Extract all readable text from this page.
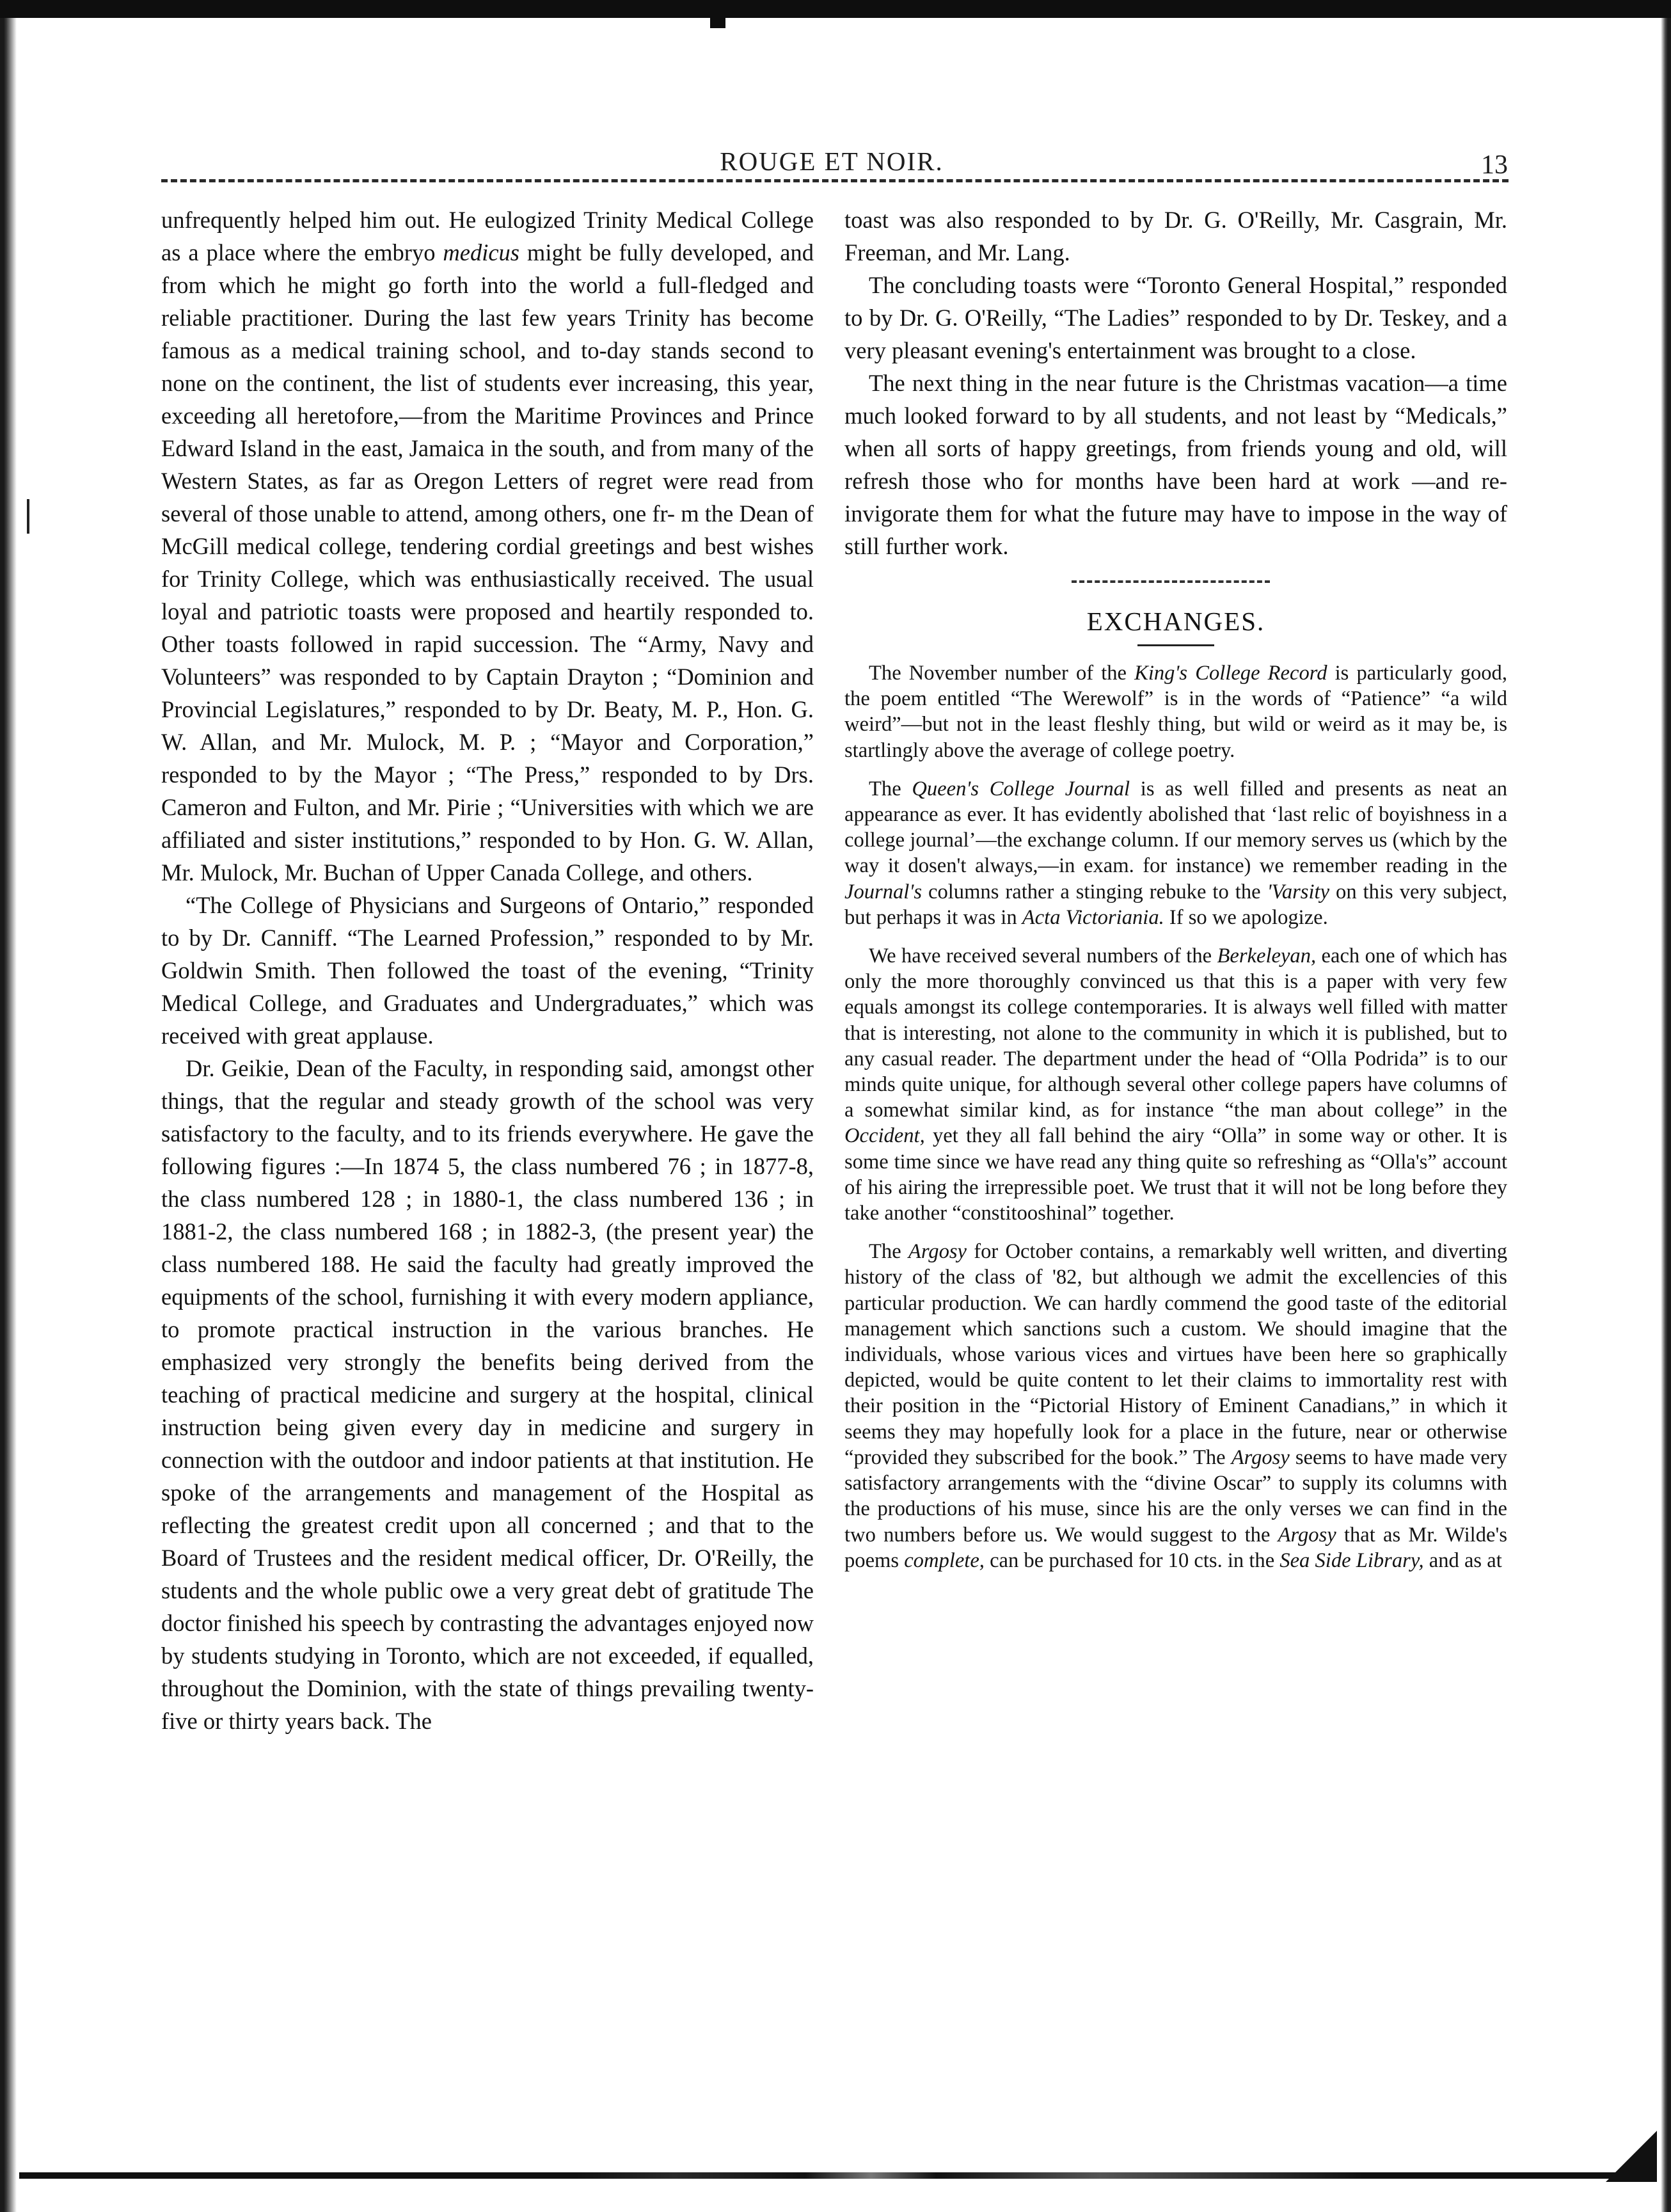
ROUGE ET NOIR.	13

unfrequently helped him out. He eulogized Trinity Medical College as a place where the embryo medicus might be fully developed, and from which he might go forth into the world a full-fledged and reliable practitioner. During the last few years Trinity has become famous as a medical training school, and to-day stands second to none on the continent, the list of students ever increasing, this year, exceeding all heretofore,—from the Maritime Provinces and Prince Edward Island in the east, Jamaica in the south, and from many of the Western States, as far as Oregon Letters of regret were read from several of those unable to attend, among others, one fr- m the Dean of McGill medical college, tendering cordial greetings and best wishes for Trinity College, which was enthusiastically received. The usual loyal and patriotic toasts were proposed and heartily responded to. Other toasts followed in rapid succession. The “Army, Navy and Volunteers” was responded to by Captain Drayton ; “Dominion and Provincial Legislatures,” responded to by Dr. Beaty, M. P., Hon. G. W. Allan, and Mr. Mulock, M. P. ; “Mayor and Corporation,” responded to by the Mayor ; “The Press,” responded to by Drs. Cameron and Fulton, and Mr. Pirie ; “Universities with which we are affiliated and sister institutions,” responded to by Hon. G. W. Allan, Mr. Mulock, Mr. Buchan of Upper Canada College, and others.

“The College of Physicians and Surgeons of Ontario,” responded to by Dr. Canniff. “The Learned Profession,” responded to by Mr. Goldwin Smith. Then followed the toast of the evening, “Trinity Medical College, and Graduates and Undergraduates,” which was received with great applause.

Dr. Geikie, Dean of the Faculty, in responding said, amongst other things, that the regular and steady growth of the school was very satisfactory to the faculty, and to its friends everywhere. He gave the following figures :—In 1874 5, the class numbered 76 ; in 1877-8, the class numbered 128 ; in 1880-1, the class numbered 136 ; in 1881-2, the class numbered 168 ; in 1882-3, (the present year) the class numbered 188. He said the faculty had greatly improved the equipments of the school, furnishing it with every modern appliance, to promote practical instruction in the various branches. He emphasized very strongly the benefits being derived from the teaching of practical medicine and surgery at the hospital, clinical instruction being given every day in medicine and surgery in connection with the outdoor and indoor patients at that institution. He spoke of the arrangements and management of the Hospital as reflecting the greatest credit upon all concerned ; and that to the Board of Trustees and the resident medical officer, Dr. O'Reilly, the students and the whole public owe a very great debt of gratitude The doctor finished his speech by contrasting the advantages enjoyed now by students studying in Toronto, which are not exceeded, if equalled, throughout the Dominion, with the state of things prevailing twenty-five or thirty years back. The

toast was also responded to by Dr. G. O'Reilly, Mr. Casgrain, Mr. Freeman, and Mr. Lang.

The concluding toasts were “Toronto General Hospital,” responded to by Dr. G. O'Reilly, “The Ladies” responded to by Dr. Teskey, and a very pleasant evening's entertainment was brought to a close.

The next thing in the near future is the Christmas vacation—a time much looked forward to by all students, and not least by “Medicals,” when all sorts of happy greetings, from friends young and old, will refresh those who for months have been hard at work —and re-invigorate them for what the future may have to impose in the way of still further work.

EXCHANGES.

The November number of the King's College Record is particularly good, the poem entitled “The Werewolf” is in the words of “Patience” “a wild weird”—but not in the least fleshly thing, but wild or weird as it may be, is startlingly above the average of college poetry.

The Queen's College Journal is as well filled and presents as neat an appearance as ever. It has evidently abolished that ‘last relic of boyishness in a college journal’—the exchange column. If our memory serves us (which by the way it dosen't always,—in exam. for instance) we remember reading in the Journal's columns rather a stinging rebuke to the 'Varsity on this very subject, but perhaps it was in Acta Victoriania. If so we apologize.

We have received several numbers of the Berkeleyan, each one of which has only the more thoroughly convinced us that this is a paper with very few equals amongst its college contemporaries. It is always well filled with matter that is interesting, not alone to the community in which it is published, but to any casual reader. The department under the head of “Olla Podrida” is to our minds quite unique, for although several other college papers have columns of a somewhat similar kind, as for instance “the man about college” in the Occident, yet they all fall behind the airy “Olla” in some way or other. It is some time since we have read any thing quite so refreshing as “Olla's” account of his airing the irrepressible poet. We trust that it will not be long before they take another “constitooshinal” together.

The Argosy for October contains, a remarkably well written, and diverting history of the class of '82, but although we admit the excellencies of this particular production. We can hardly commend the good taste of the editorial management which sanctions such a custom. We should imagine that the individuals, whose various vices and virtues have been here so graphically depicted, would be quite content to let their claims to immortality rest with their position in the “Pictorial History of Eminent Canadians,” in which it seems they may hopefully look for a place in the future, near or otherwise “provided they subscribed for the book.” The Argosy seems to have made very satisfactory arrangements with the “divine Oscar” to supply its columns with the productions of his muse, since his are the only verses we can find in the two numbers before us. We would suggest to the Argosy that as Mr. Wilde's poems complete, can be purchased for 10 cts. in the Sea Side Library, and as at
